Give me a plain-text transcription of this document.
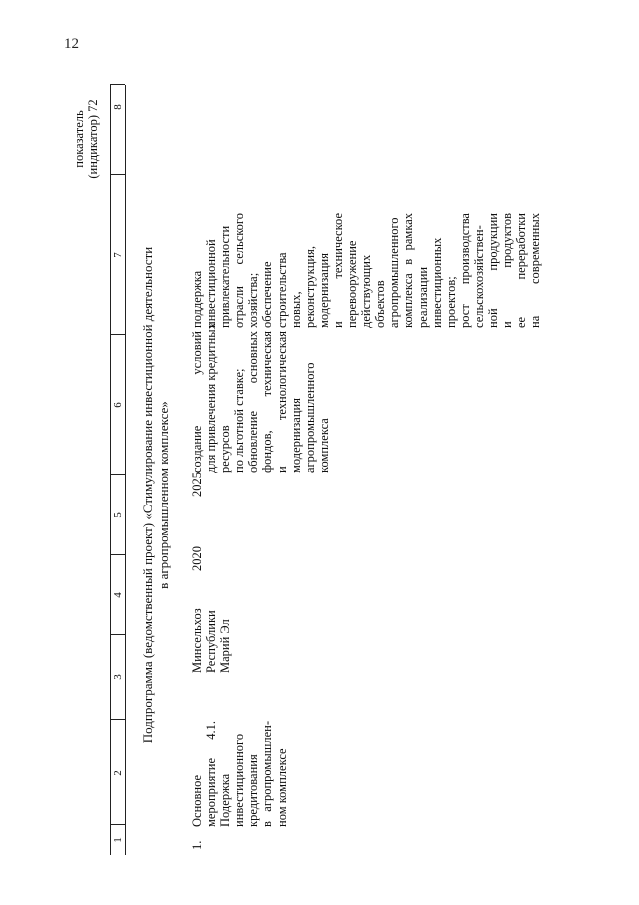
12
1
2
3
4
5
6
7
8
Подпрограмма (ведомственный проект) «Стимулирование инвестиционной деятельности в агропромышленном комплексе»
1.
Основное мероприятие 4.1. Подержка инвестиционного кредитования в агропромышлен- ном комплексе
Минсельхоз Республики Марий Эл
2020
2025
создание условий для привлечения кредитных ресурсов по льготной ставке; обновление основных фондов, техническая и технологическая модернизация агропромышленного комплекса
поддержка инвестиционной привлекательности отрасли сельского хозяйства; обеспечение строительства новых, реконструкция, модернизация и техническое перевооружение действующих объектов агропромышленного комплекса в рамках реализации инвестиционных проектов; рост производства сельскохозяйствен- ной продукции и продуктов ее переработки на современных
показатель (индикатор) 72
